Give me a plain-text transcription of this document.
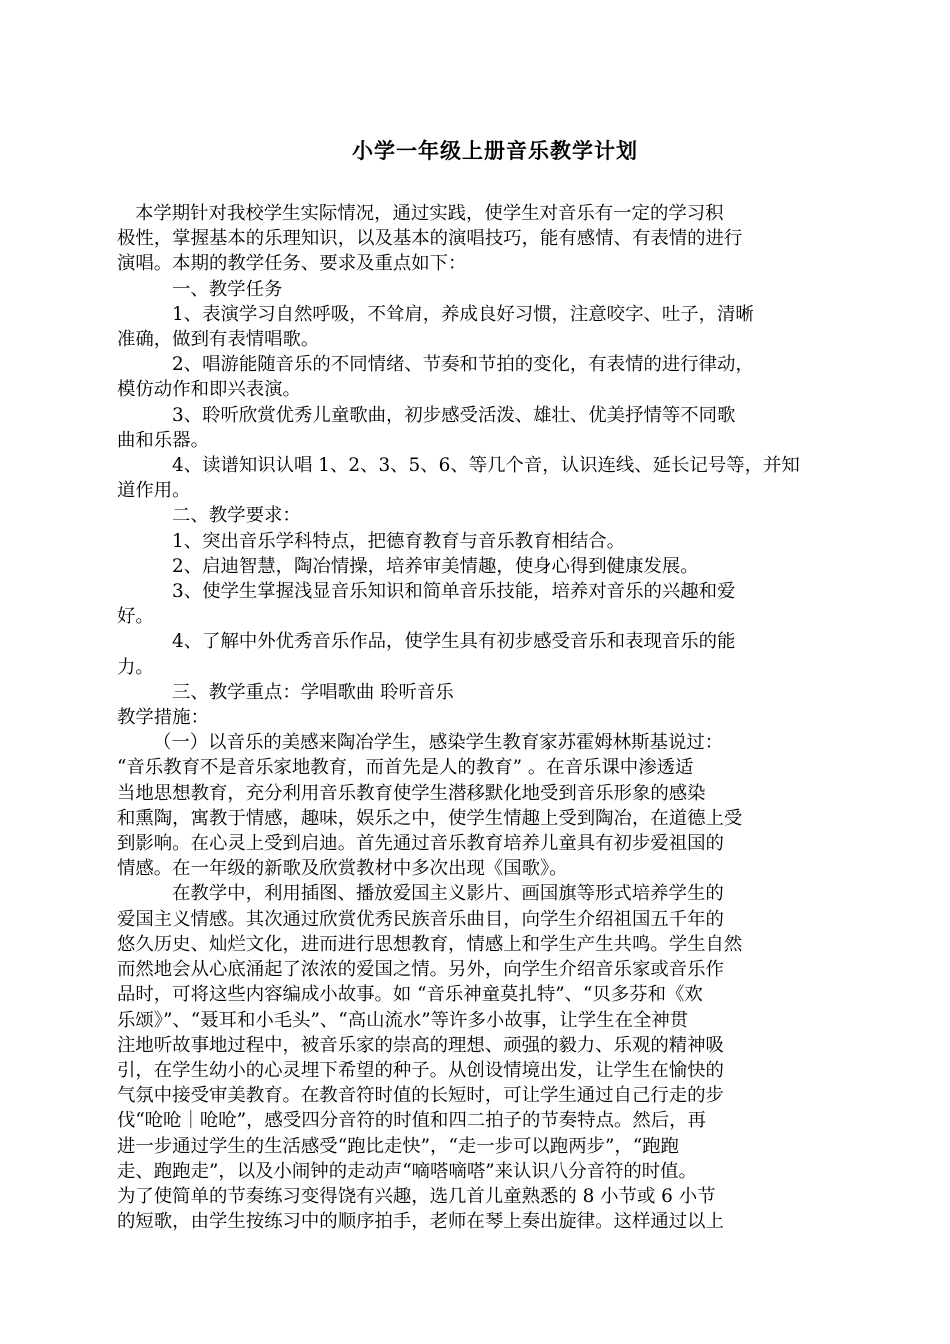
小学一年级上册音乐教学计划

本学期针对我校学生实际情况，通过实践，使学生对音乐有一定的学习积

极性，掌握基本的乐理知识，以及基本的演唱技巧，能有感情、有表情的进行

演唱。本期的教学任务、要求及重点如下：

一、教学任务

1、表演学习自然呼吸，不耸肩，养成良好习惯，注意咬字、吐子，清晰

准确，做到有表情唱歌。

2、唱游能随音乐的不同情绪、节奏和节拍的变化，有表情的进行律动，

模仿动作和即兴表演。

3、聆听欣赏优秀儿童歌曲，初步感受活泼、雄壮、优美抒情等不同歌

曲和乐器。

4、读谱知识认唱 1、2、3、5、6、等几个音，认识连线、延长记号等，并知

道作用。

二、教学要求：

1、突出音乐学科特点，把德育教育与音乐教育相结合。

2、启迪智慧，陶冶情操，培养审美情趣，使身心得到健康发展。

3、使学生掌握浅显音乐知识和简单音乐技能，培养对音乐的兴趣和爱

好。

4、了解中外优秀音乐作品，使学生具有初步感受音乐和表现音乐的能

力。

三、教学重点：学唱歌曲 聆听音乐

教学措施：

（一）以音乐的美感来陶冶学生，感染学生教育家苏霍姆林斯基说过：

“音乐教育不是音乐家地教育，而首先是人的教育” 。在音乐课中渗透适

当地思想教育，充分利用音乐教育使学生潜移默化地受到音乐形象的感染

和熏陶，寓教于情感，趣味，娱乐之中，使学生情趣上受到陶冶，在道德上受

到影响。在心灵上受到启迪。首先通过音乐教育培养儿童具有初步爱祖国的

情感。在一年级的新歌及欣赏教材中多次出现《国歌》。

在教学中，利用插图、播放爱国主义影片、画国旗等形式培养学生的

爱国主义情感。其次通过欣赏优秀民族音乐曲目，向学生介绍祖国五千年的

悠久历史、灿烂文化，进而进行思想教育，情感上和学生产生共鸣。学生自然

而然地会从心底涌起了浓浓的爱国之情。另外，向学生介绍音乐家或音乐作

品时，可将这些内容编成小故事。如 “音乐神童莫扎特”、“贝多芬和《欢

乐颂》”、“聂耳和小毛头”、“高山流水”等许多小故事，让学生在全神贯

注地听故事地过程中，被音乐家的崇高的理想、顽强的毅力、乐观的精神吸

引，在学生幼小的心灵埋下希望的种子。从创设情境出发，让学生在愉快的

气氛中接受审美教育。在教音符时值的长短时，可让学生通过自己行走的步

伐“呛呛｜呛呛”，感受四分音符的时值和四二拍子的节奏特点。然后，再

进一步通过学生的生活感受“跑比走快”，“走一步可以跑两步”，“跑跑

走、跑跑走”，以及小闹钟的走动声“嘀嗒嘀嗒”来认识八分音符的时值。

为了使简单的节奏练习变得饶有兴趣，选几首儿童熟悉的 8 小节或 6 小节

的短歌，由学生按练习中的顺序拍手，老师在琴上奏出旋律。这样通过以上
